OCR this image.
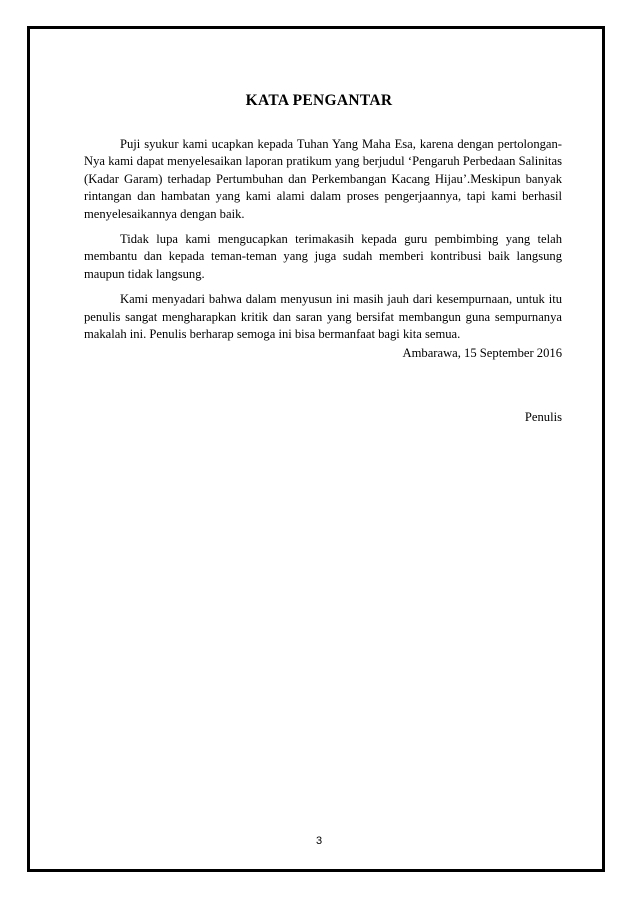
KATA PENGANTAR

Puji syukur kami ucapkan kepada Tuhan Yang Maha Esa, karena dengan pertolongan-Nya kami dapat menyelesaikan laporan pratikum yang berjudul ‘Pengaruh Perbedaan Salinitas (Kadar Garam) terhadap Pertumbuhan dan Perkembangan Kacang Hijau’.Meskipun banyak rintangan dan hambatan yang kami alami dalam proses pengerjaannya, tapi kami berhasil menyelesaikannya dengan baik.

Tidak lupa kami mengucapkan terimakasih kepada guru pembimbing yang telah membantu dan kepada teman-teman yang juga sudah memberi kontribusi baik langsung maupun tidak langsung.

Kami menyadari bahwa dalam menyusun ini masih jauh dari kesempurnaan, untuk itu penulis sangat mengharapkan kritik dan saran yang bersifat membangun guna sempurnanya makalah ini. Penulis berharap semoga ini bisa bermanfaat bagi kita semua.

Ambarawa, 15 September 2016
Penulis
3
